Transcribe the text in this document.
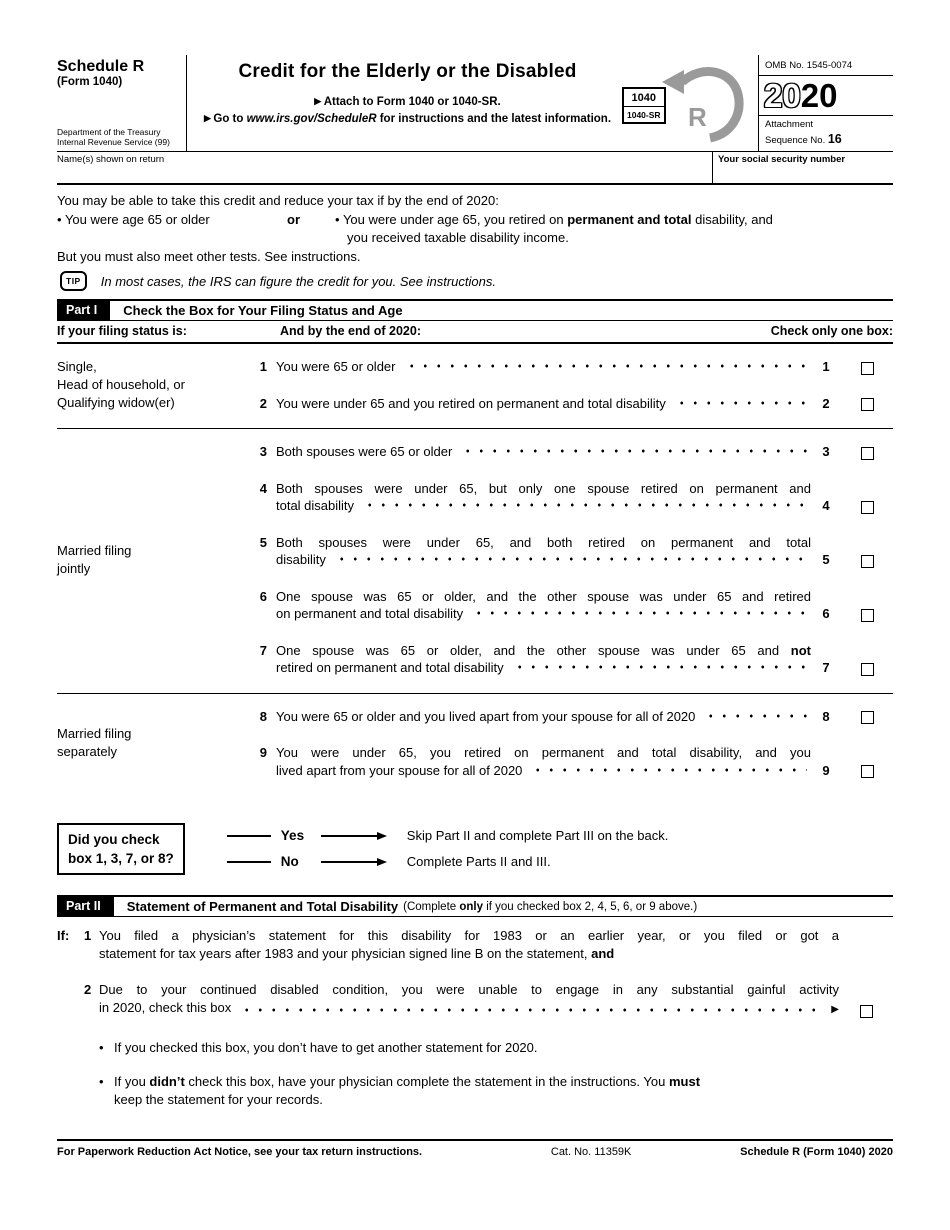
Schedule R
(Form 1040)
Department of the Treasury
Internal Revenue Service (99)
Credit for the Elderly or the Disabled
▶ Attach to Form 1040 or 1040-SR.
▶ Go to www.irs.gov/ScheduleR for instructions and the latest information.
1040
1040-SR R
OMB No. 1545-0074
2020
Attachment
Sequence No. 16
Name(s) shown on return	Your social security number
You may be able to take this credit and reduce your tax if by the end of 2020:
• You were age 65 or older	or	• You were under age 65, you retired on permanent and total disability, and
you received taxable disability income.
But you must also meet other tests. See instructions.
TIP	In most cases, the IRS can figure the credit for you. See instructions.
Part I	Check the Box for Your Filing Status and Age
If your filing status is:	And by the end of 2020:	Check only one box:
Single,
Head of household, or
Qualifying widow(er)
1 You were 65 or older	1
2 You were under 65 and you retired on permanent and total disability	2
Married filing
jointly
3 Both spouses were 65 or older	3
4 Both spouses were under 65, but only one spouse retired on permanent and
total disability	4
5 Both spouses were under 65, and both retired on permanent and total
disability	5
6 One spouse was 65 or older, and the other spouse was under 65 and retired
on permanent and total disability	6
7 One spouse was 65 or older, and the other spouse was under 65 and not
retired on permanent and total disability	7
Married filing
separately
8 You were 65 or older and you lived apart from your spouse for all of 2020	8
9 You were under 65, you retired on permanent and total disability, and you
lived apart from your spouse for all of 2020	9
Did you check
box 1, 3, 7, or 8?
Yes	Skip Part II and complete Part III on the back.
No	Complete Parts II and III.
Part II	Statement of Permanent and Total Disability (Complete only if you checked box 2, 4, 5, 6, or 9 above.)
If:	1 You filed a physician’s statement for this disability for 1983 or an earlier year, or you filed or got a
statement for tax years after 1983 and your physician signed line B on the statement, and
2 Due to your continued disabled condition, you were unable to engage in any substantial gainful activity
in 2020, check this box
▶
•
If you checked this box, you don’t have to get another statement for 2020.
•
If you didn’t check this box, have your physician complete the statement in the instructions. You must
keep the statement for your records.
For Paperwork Reduction Act Notice, see your tax return instructions.	Cat. No. 11359K	Schedule R (Form 1040) 2020
